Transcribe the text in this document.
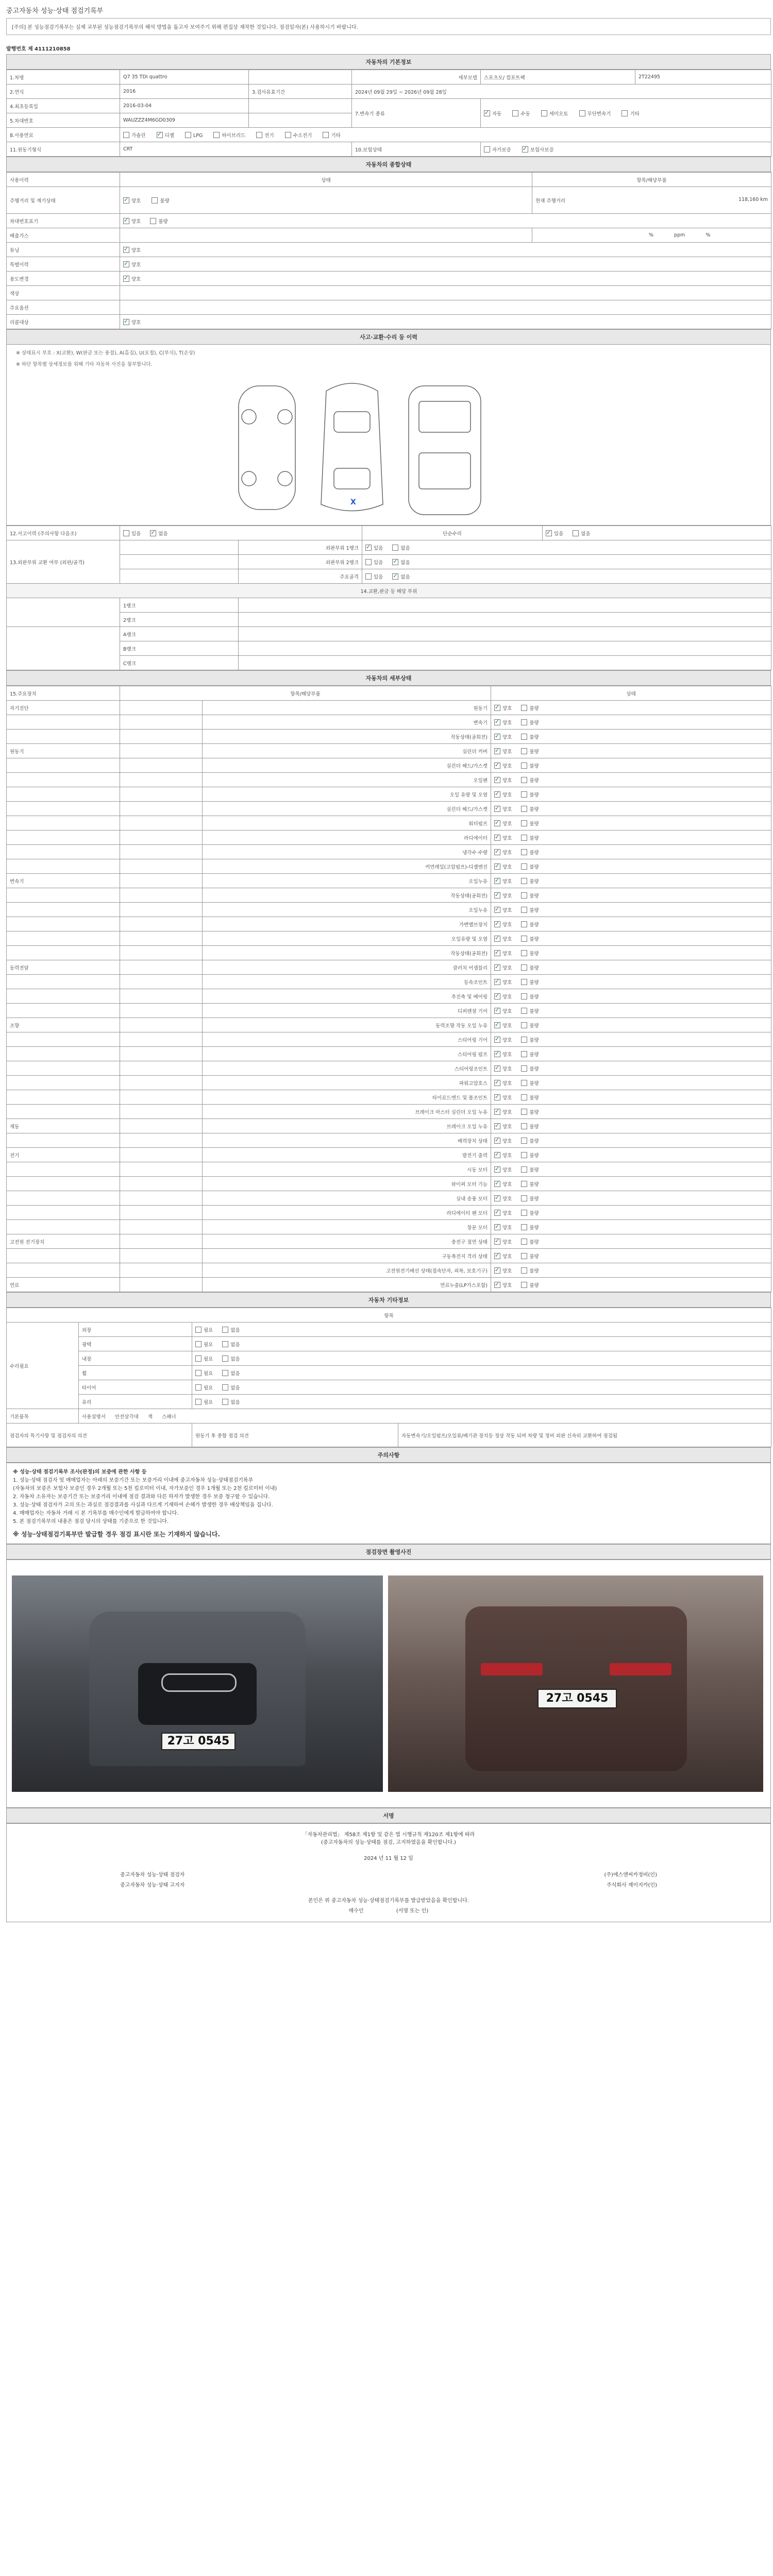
중고자동차 성능·상태 점검기록부
[주의] 본 성능점검기록부는 실제 교부된 성능점검기록부의 해석 방법을 돕고자 보여주기 위해 편집상 재작한 것입니다. 점검일자(본) 사용하시기 바랍니다.
발행번호 제 4111210858
자동차의 기본정보
1.차명	Q7 35 TDI quattro		세부모델	스포츠모/ 컴포트팩	2T22495
2.연식	2016	3.검사유효기간	2024년 09월 29일 ~ 2026년 09월 28일		
4.최초등록일	2016-03-04		7.변속기 종류	✓자동 수동 세미오토 무단변속기 기타
5.차대번호	WAUZZZ4M6GD0309				
8.사용연료	가솔린 ✓ 디젤 LPG 하이브리드 전기 수소전기 기타
11.원동기형식	CRT		10.보험상태	자가보증 ✓ 보험사보증
자동차의 종합상태
사용이력	상태	항목/해당부품
주행거리 및 계기상태	✓양호 불량	현재 주행거리 118,160 km

차대번호표기	✓양호 불량
배출가스		% ppm %
튜닝	✓양호
특별이력	✓양호
용도변경	✓양호
색상		
주요옵션		
리콜대상	✓양호
사고·교환·수리 등 이력
※ 상태표시 부호 : X(교환), W(판금 또는 용접), A(흠집), U(요철), C(부식), T(손상)
※ 하단 항목별 상세정보를 위해 기타 자동차 사진을 첨부합니다.
X
12.사고이력 (주의사항 다음조)	있음 ✓ 없음		단순수리	✓있음 없음
13.외판부위 교환 여부 (외판/골격)		외판부위 1랭크	✓있음 없음
		외판부위 2랭크	있음 ✓ 없음
		주요골격	있음 ✓ 없음
14.교환,판금 등 해당 부위				
	1랭크			
	2랭크			
	A랭크			
	B랭크			
	C랭크			
자동차의 세부상태
15.주요장치	항목/해당부품		상태
자기진단		원동기	✓양호 불량
		변속기	✓양호 불량
		작동상태(공회전)	✓양호 불량
원동기		실린더 커버	✓양호 불량
		실린더 헤드/가스켓	✓양호 불량
		오일팬	✓양호 불량
		오일 유량 및 오염	✓양호 불량
		실린더 헤드/가스켓	✓양호 불량
		워터펌프	✓양호 불량
		라디에이터	✓양호 불량
		냉각수 수량	✓양호 불량
		커먼레일(고압펌프)-디젤엔진	✓양호 불량
변속기		오일누유	✓양호 불량
		작동상태(공회전)	✓양호 불량
		오일누유	✓양호 불량
		가변밸브장치	✓양호 불량
		오일유량 및 오염	✓양호 불량
		작동상태(공회전)	✓양호 불량
동력전달		클러치 어셈블리	✓양호 불량
		등속조인트	✓양호 불량
		추진축 및 베어링	✓양호 불량
		디퍼렌셜 기어	✓양호 불량
조향		동력조향 작동 오일 누유	✓양호 불량
		스티어링 기어	✓양호 불량
		스티어링 펌프	✓양호 불량
		스티어링조인트	✓양호 불량
		파워고압호스	✓양호 불량
		타이로드엔드 및 볼조인트	✓양호 불량
		브레이크 마스터 실린더 오일 누유	✓양호 불량
제동		브레이크 오일 누유	✓양호 불량
		배력장치 상태	✓양호 불량
전기		발전기 출력	✓양호 불량
		시동 모터	✓양호 불량
		와이퍼 모터 기능	✓양호 불량
		실내 송풍 모터	✓양호 불량
		라디에이터 팬 모터	✓양호 불량
		창문 모터	✓양호 불량
고전원 전기장치		충전구 절연 상태	✓양호 불량
		구동축전지 격리 상태	✓양호 불량
		고전원전기배선 상태(접속단자, 피복, 보호기구)	✓양호 불량
연료		연료누출(LP가스포함)	✓양호 불량
자동차 기타정보
항목			
수리필요	외장	필요 없음	
	광택	필요 없음	
	내장	필요 없음	
	휠	필요 없음	
	타이어	필요 없음	
	유리	필요 없음	
기본품목	사용설명서 안전삼각대 잭 스패너		
점검자의 특기사항 및 점검자의 의견		원동기 후 종합 점검 의견	자동변속기/오일펌프/오일류/배기관 장치등 정상 작동 되며 차량 및 정비 외판 신속히 교환하여 점검됨
주의사항
※ 성능·상태 점검기록부 조사(판정)의 보증에 관한 사항 등
1. 성능·상태 점검자 및 매매업자는 아래의 보증기간 또는 보증거리 이내에 중고자동차 성능·상태점검기록부
(자동차의 보증은 보험사 보증인 경우 2개월 또는 5천 킬로미터 이내, 자가보증인 경우 1개월 또는 2천 킬로미터 이내)
2. 자동차 소유자는 보증기간 또는 보증거리 이내에 점검 결과와 다른 하자가 발생한 경우 보증 청구할 수 있습니다.
3. 성능·상태 점검자가 고의 또는 과실로 점검결과를 사실과 다르게 기재하여 손해가 발생한 경우 배상책임을 집니다.
4. 매매업자는 자동차 거래 시 본 기록부를 매수인에게 발급하여야 합니다.
5. 본 점검기록부의 내용은 점검 당시의 상태를 기준으로 한 것입니다.
※ 성능·상태점검기록부만 발급할 경우 점검 표시란 또는 기재하지 않습니다.
점검장면 촬영사진
27고 0545
27고 0545
서명
「자동차관리법」 제58조 제1항 및 같은 법 시행규칙 제120조 제1항에 따라
(중고자동차의 성능·상태를 점검, 고지하였음을 확인합니다.)
2024 년 11 월 12 일
중고자동차 성능·상태 점검자	(주)에스앤씨카정비(인)
중고자동차 성능·상태 고지자	주식회사 제이지카(인)
본인은 위 중고자동차 성능·상태점검기록부를 발급받았음을 확인합니다.
매수인	(서명 또는 인)
